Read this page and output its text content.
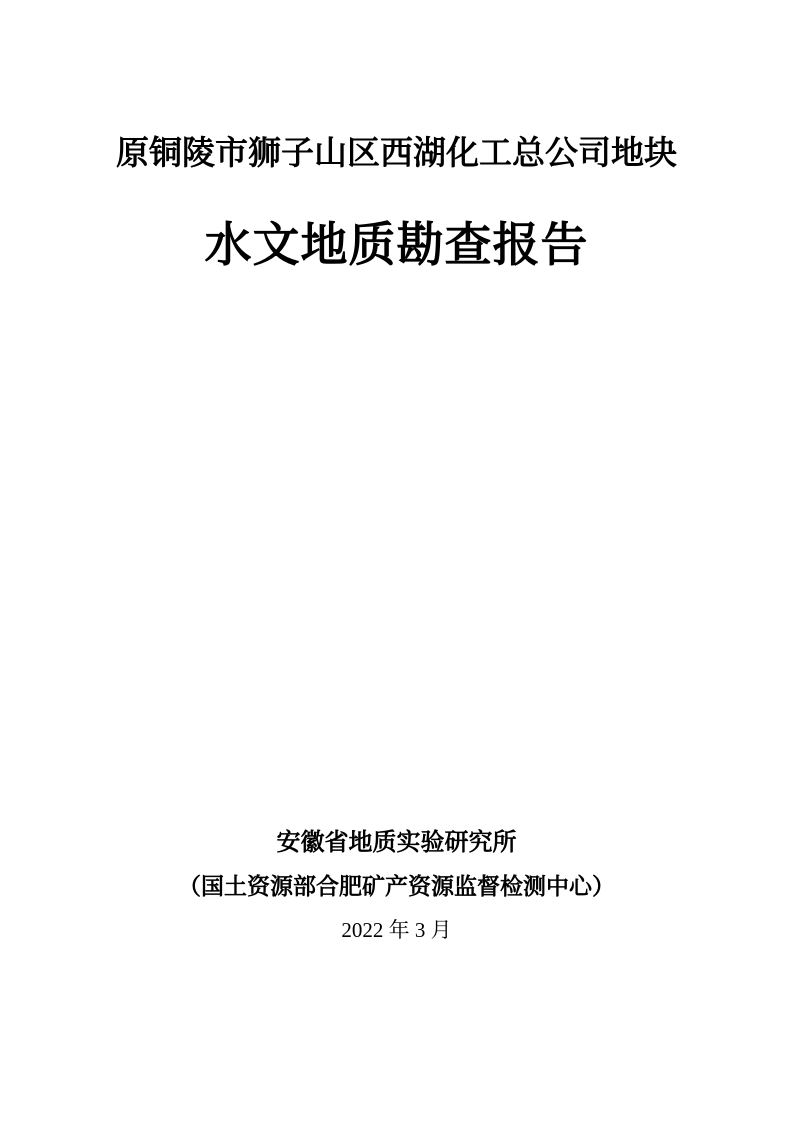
原铜陵市狮子山区西湖化工总公司地块
水文地质勘查报告
安徽省地质实验研究所
（国土资源部合肥矿产资源监督检测中心）
2022 年 3 月
